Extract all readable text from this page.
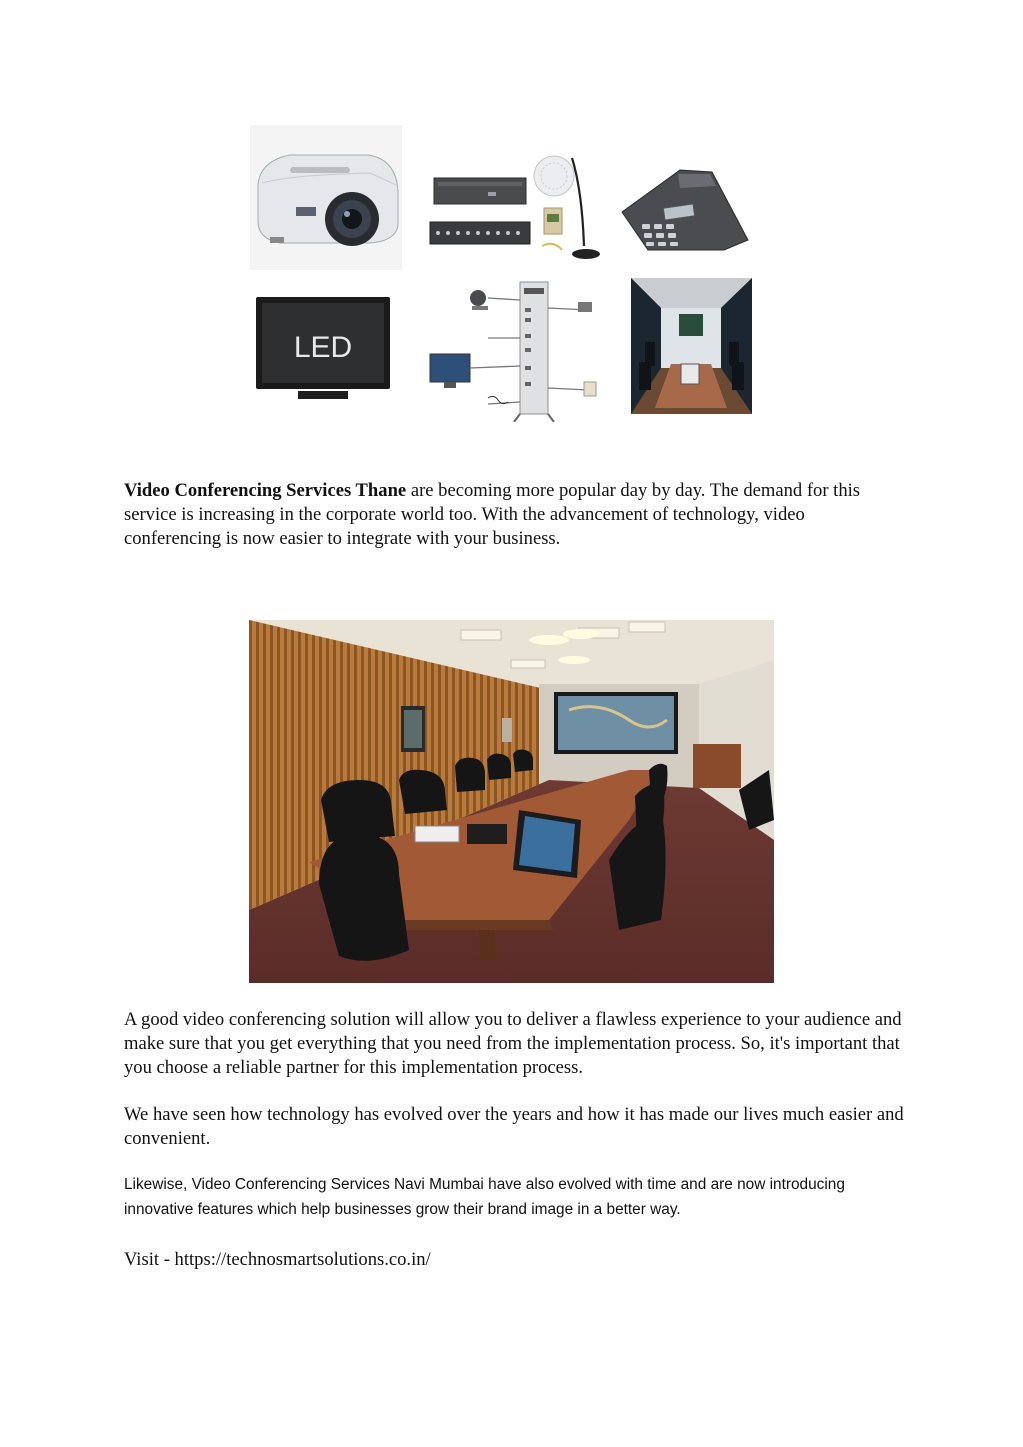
LED

Video Conferencing Services Thane are becoming more popular day by day. The demand for this service is increasing in the corporate world too. With the advancement of technology, video conferencing is now easier to integrate with your business.

A good video conferencing solution will allow you to deliver a flawless experience to your audience and make sure that you get everything that you need from the implementation process. So, it's important that you choose a reliable partner for this implementation process.

We have seen how technology has evolved over the years and how it has made our lives much easier and convenient.

Likewise, Video Conferencing Services Navi Mumbai have also evolved with time and are now introducing innovative features which help businesses grow their brand image in a better way.

Visit - https://technosmartsolutions.co.in/
